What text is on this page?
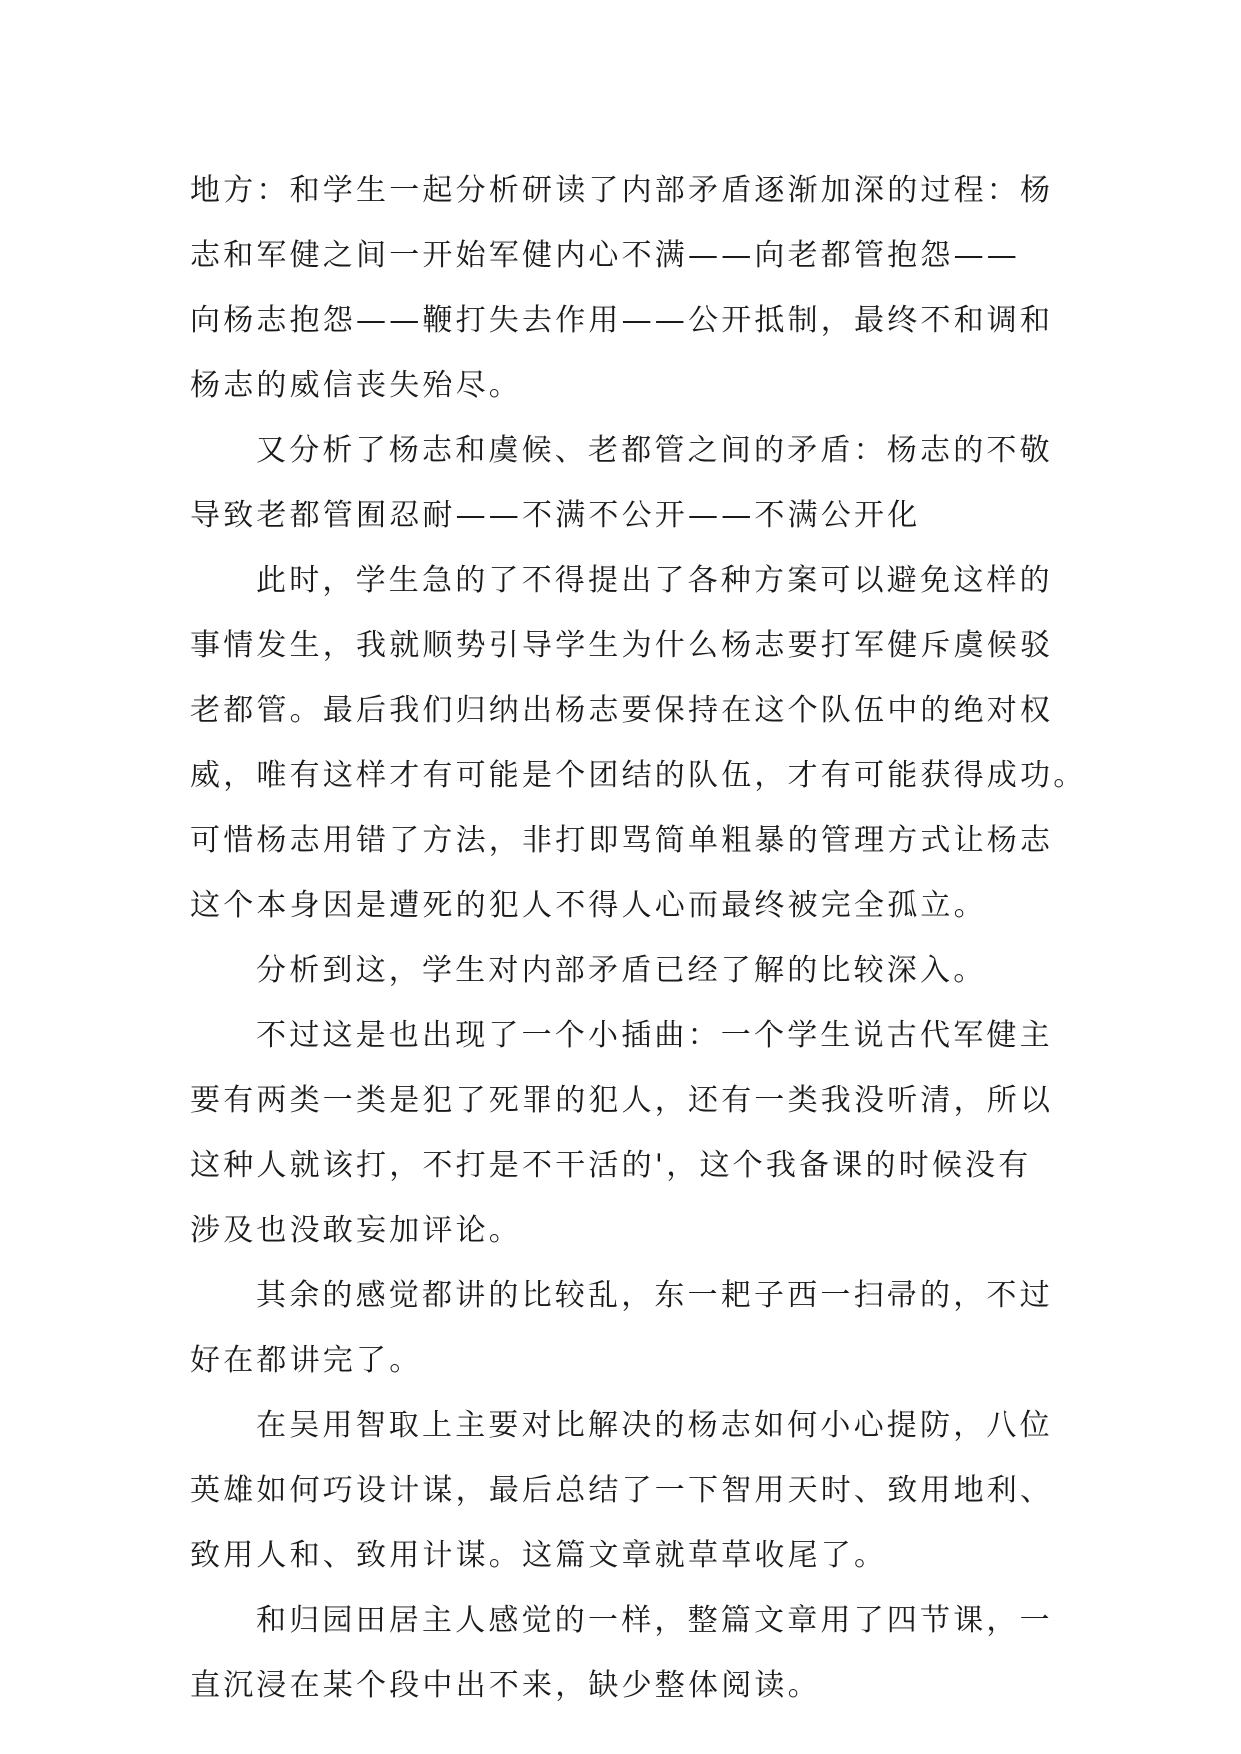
地方：和学生一起分析研读了内部矛盾逐渐加深的过程：杨
志和军健之间一开始军健内心不满——向老都管抱怨——
向杨志抱怨——鞭打失去作用——公开抵制，最终不和调和
杨志的威信丧失殆尽。
又分析了杨志和虞候、老都管之间的矛盾：杨志的不敬
导致老都管囿忍耐——不满不公开——不满公开化
此时，学生急的了不得提出了各种方案可以避免这样的
事情发生，我就顺势引导学生为什么杨志要打军健斥虞候驳
老都管。最后我们归纳出杨志要保持在这个队伍中的绝对权
威，唯有这样才有可能是个团结的队伍，才有可能获得成功。
可惜杨志用错了方法，非打即骂简单粗暴的管理方式让杨志
这个本身因是遭死的犯人不得人心而最终被完全孤立。
分析到这，学生对内部矛盾已经了解的比较深入。
不过这是也出现了一个小插曲：一个学生说古代军健主
要有两类一类是犯了死罪的犯人，还有一类我没听清，所以
这种人就该打，不打是不干活的'，这个我备课的时候没有
涉及也没敢妄加评论。
其余的感觉都讲的比较乱，东一耙子西一扫帚的，不过
好在都讲完了。
在吴用智取上主要对比解决的杨志如何小心提防，八位
英雄如何巧设计谋，最后总结了一下智用天时、致用地利、
致用人和、致用计谋。这篇文章就草草收尾了。
和归园田居主人感觉的一样，整篇文章用了四节课，一
直沉浸在某个段中出不来，缺少整体阅读。
